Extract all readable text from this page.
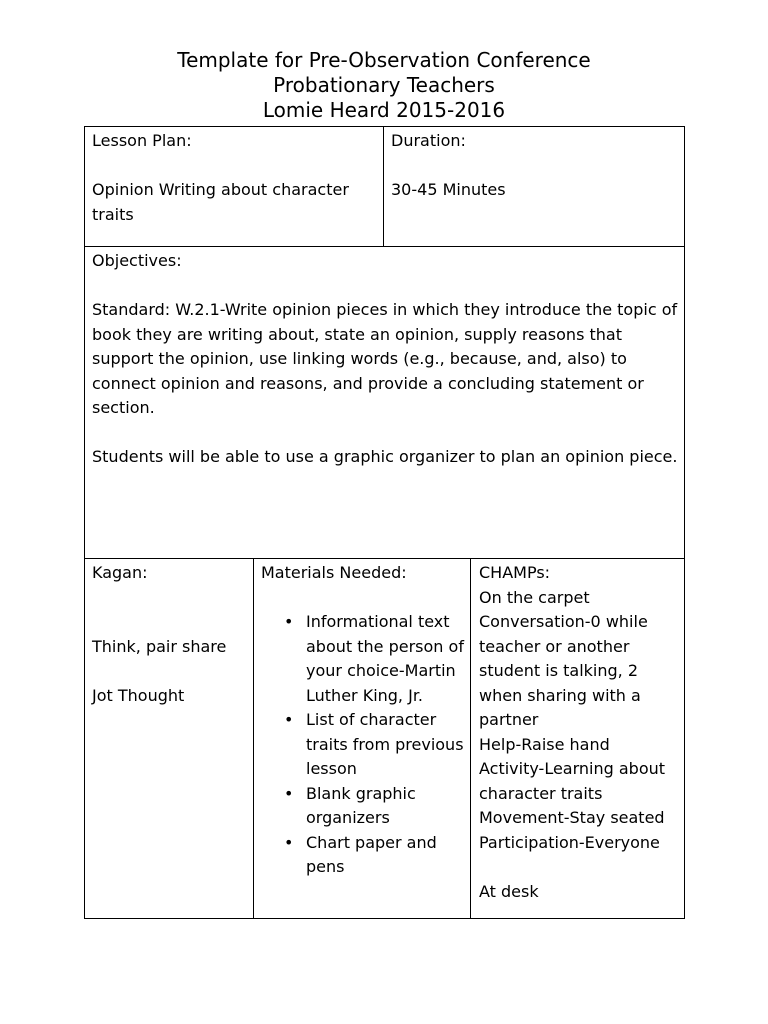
Template for Pre-Observation Conference
Probationary Teachers
Lomie Heard 2015-2016

Lesson Plan:

Opinion Writing about character traits

Duration:

30-45 Minutes

Objectives:

Standard: W.2.1-Write opinion pieces in which they introduce the topic of book they are writing about, state an opinion, supply reasons that support the opinion, use linking words (e.g., because, and, also) to connect opinion and reasons, and provide a concluding statement or section.

Students will be able to use a graphic organizer to plan an opinion piece.

Kagan:

Think, pair share

Jot Thought

Materials Needed:

• Informational text about the person of your choice-Martin Luther King, Jr.
• List of character traits from previous lesson
• Blank graphic organizers
• Chart paper and pens

CHAMPs:

On the carpet

Conversation-0 while teacher or another student is talking, 2 when sharing with a partner

Help-Raise hand

Activity-Learning about character traits

Movement-Stay seated

Participation-Everyone

At desk
